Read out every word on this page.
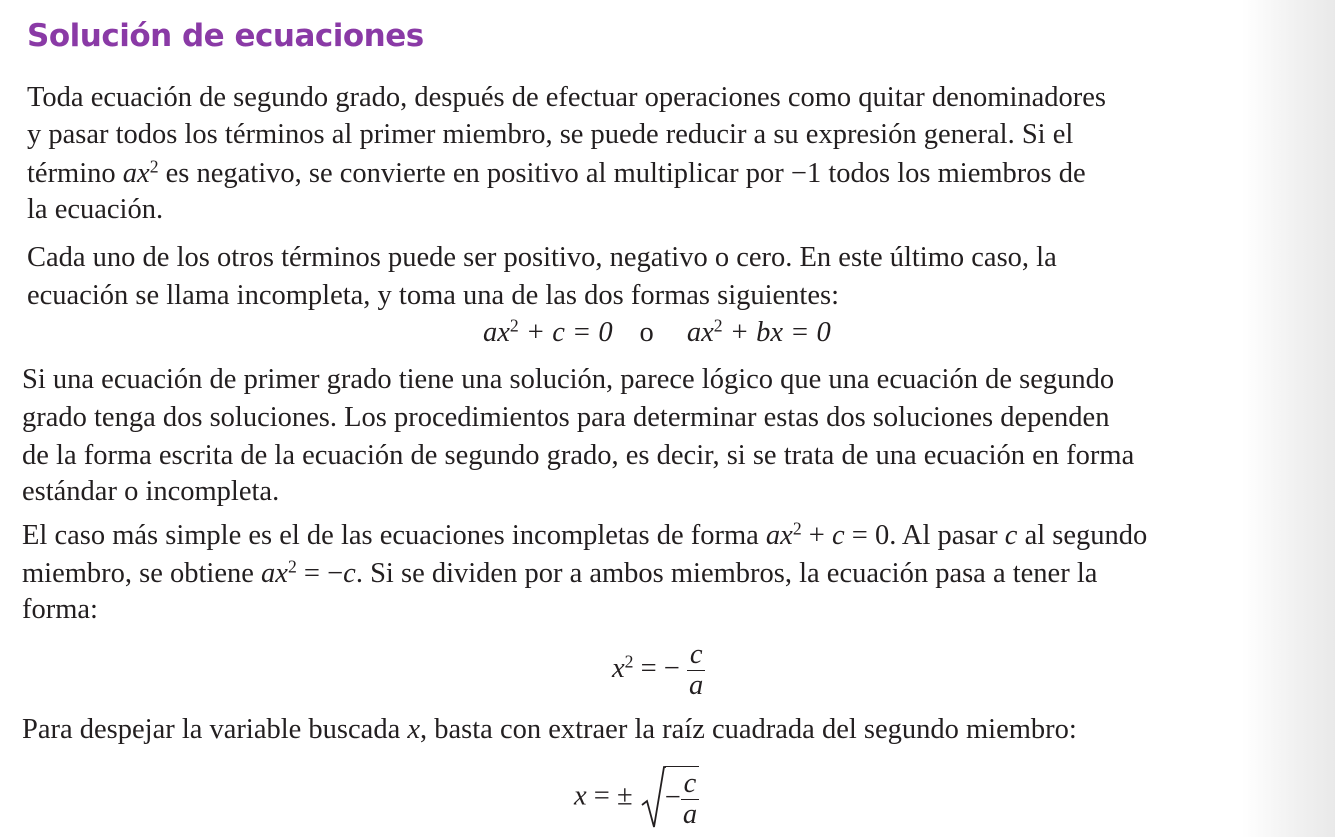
Solución de ecuaciones

Toda ecuación de segundo grado, después de efectuar operaciones como quitar denominadores

y pasar todos los términos al primer miembro, se puede reducir a su expresión general. Si el

término $ax^2$ es negativo, se convierte en positivo al multiplicar por −1 todos los miembros de

la ecuación.

Cada uno de los otros términos puede ser positivo, negativo o cero. En este último caso, la

ecuación se llama incompleta, y toma una de las dos formas siguientes:

$ax^2 + c = 0$ o $ax^2$ + bx = 0

Si una ecuación de primer grado tiene una solución, parece lógico que una ecuación de segundo

grado tenga dos soluciones. Los procedimientos para determinar estas dos soluciones dependen

de la forma escrita de la ecuación de segundo grado, es decir, si se trata de una ecuación en forma

estándar o incompleta.

El caso más simple es el de las ecuaciones incompletas de forma $ax^2 + c = 0$. Al pasar c al segundo

miembro, se obtiene $ax^2 = -c$. Si se dividen por a ambos miembros, la ecuación pasa a tener la

forma:

$x^2$ = − $\frac{c}{a}$

Para despejar la variable buscada x, basta con extraer la raíz cuadrada del segundo miembro:

x = ± − $\frac{c}{a}$
